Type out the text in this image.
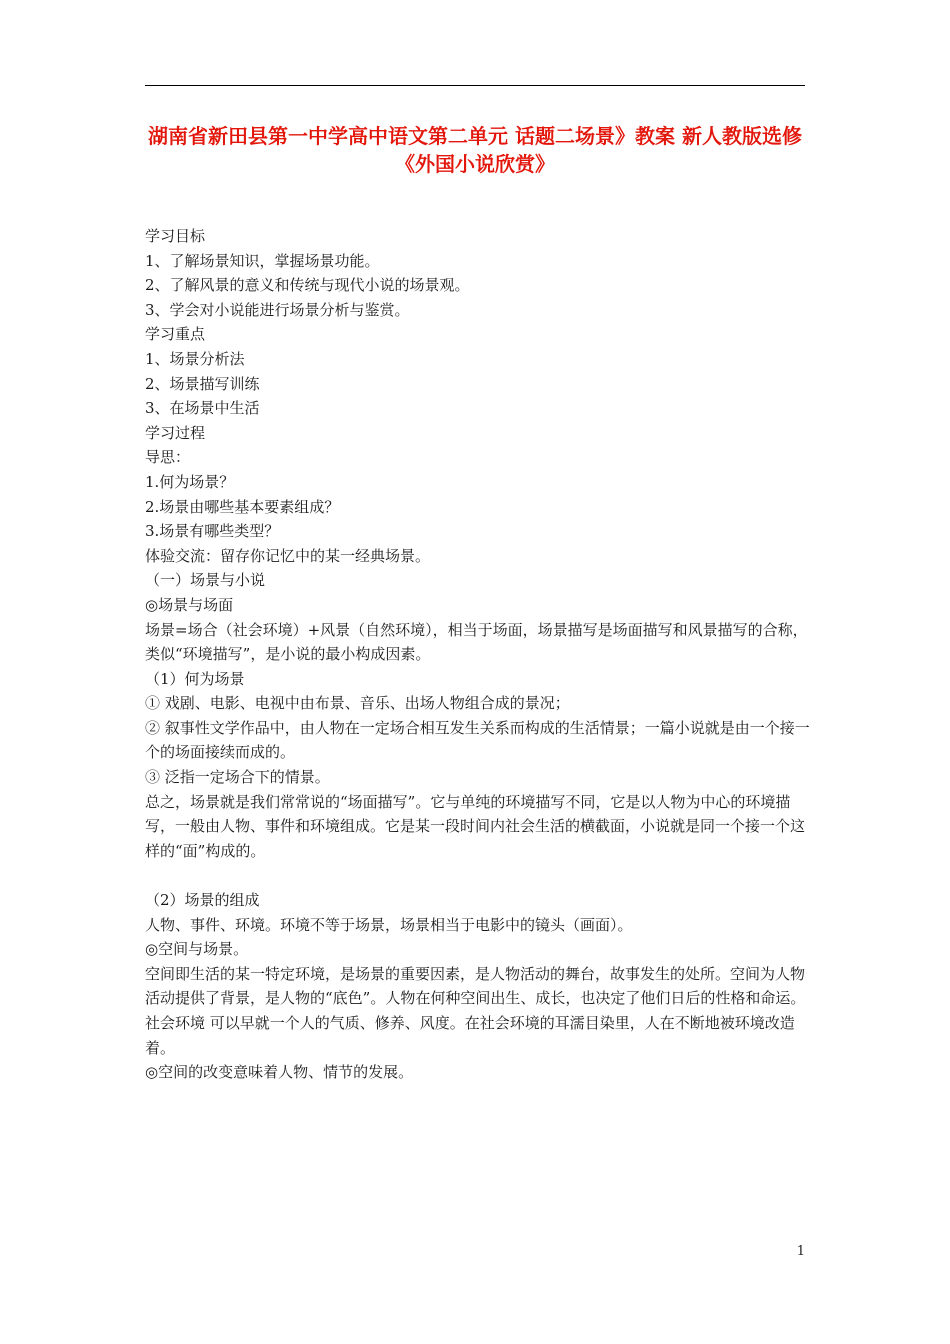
湖南省新田县第一中学高中语文第二单元 话题二场景》教案 新人教版选修《外国小说欣赏》

学习目标

1、了解场景知识，掌握场景功能。

2、了解风景的意义和传统与现代小说的场景观。

3、学会对小说能进行场景分析与鉴赏。

学习重点

1、场景分析法

2、场景描写训练

3、在场景中生活

学习过程

导思：

1.何为场景？

2.场景由哪些基本要素组成？

3.场景有哪些类型？

体验交流：留存你记忆中的某一经典场景。

（一）场景与小说

◎场景与场面

场景=场合（社会环境）+风景（自然环境），相当于场面，场景描写是场面描写和风景描写的合称，类似“环境描写”，是小说的最小构成因素。

（1）何为场景

① 戏剧、电影、电视中由布景、音乐、出场人物组合成的景况；

② 叙事性文学作品中，由人物在一定场合相互发生关系而构成的生活情景；一篇小说就是由一个接一个的场面接续而成的。

③ 泛指一定场合下的情景。

总之，场景就是我们常常说的“场面描写”。它与单纯的环境描写不同，它是以人物为中心的环境描写，一般由人物、事件和环境组成。它是某一段时间内社会生活的横截面，小说就是同一个接一个这样的“面”构成的。

（2）场景的组成

人物、事件、环境。环境不等于场景，场景相当于电影中的镜头（画面）。

◎空间与场景。

空间即生活的某一特定环境，是场景的重要因素，是人物活动的舞台，故事发生的处所。空间为人物活动提供了背景，是人物的“底色”。人物在何种空间出生、成长，也决定了他们日后的性格和命运。社会环境 可以早就一个人的气质、修养、风度。在社会环境的耳濡目染里，人在不断地被环境改造着。

◎空间的改变意味着人物、情节的发展。

1
